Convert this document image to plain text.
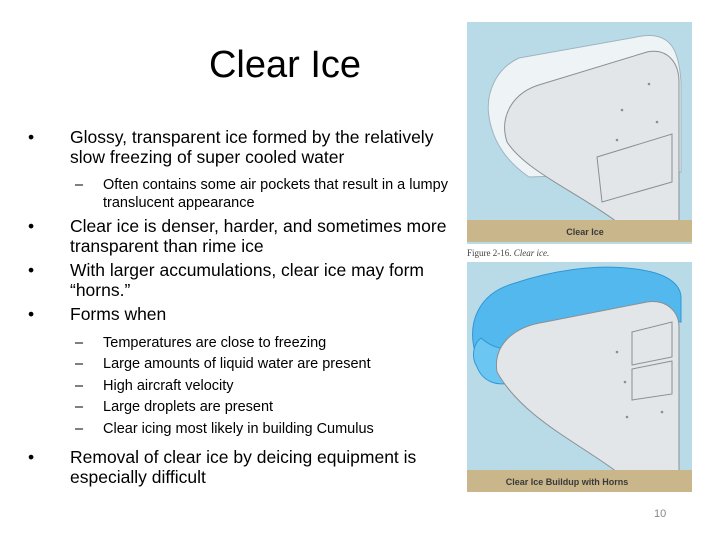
Clear Ice
•	Glossy, transparent ice formed by the relatively slow freezing of super cooled water
– Often contains some air pockets that result in a lumpy translucent appearance
•	Clear ice is denser, harder, and sometimes more transparent than rime ice
•	With larger accumulations, clear ice may form “horns.”
•	Forms when
– Temperatures are close to freezing
– Large amounts of liquid water are present
– High aircraft velocity
– Large droplets are present
– Clear icing most likely in building Cumulus
•	Removal of clear ice by deicing equipment is especially difficult
Clear Ice
Clear Ice Buildup with Horns
Figure 2-16. Clear ice.
10
